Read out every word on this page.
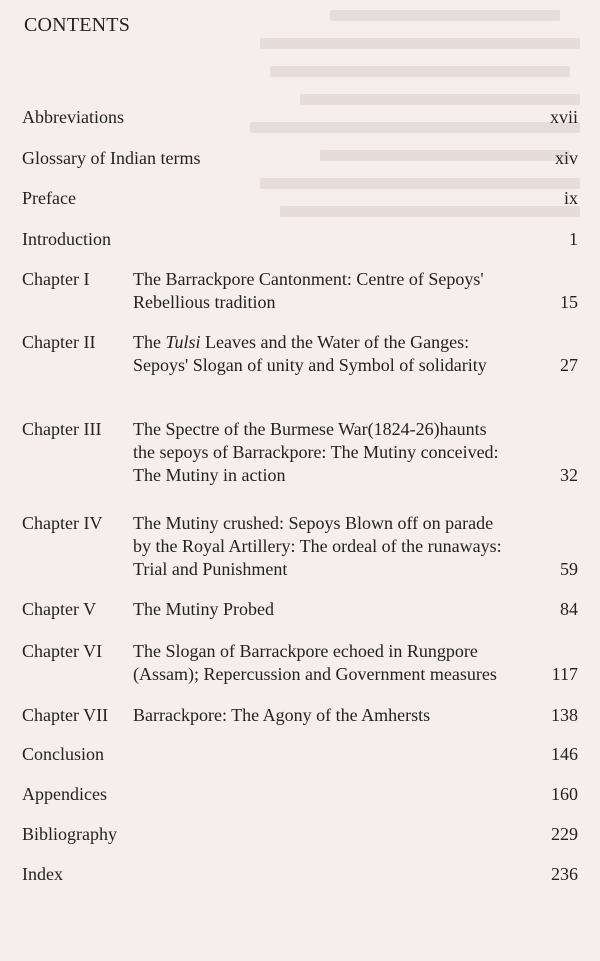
CONTENTS
Abbreviations	xvii
Glossary of Indian terms	xiv
Preface	ix
Introduction	1
Chapter I The Barrackpore Cantonment: Centre of Sepoys'
Rebellious tradition	15
Chapter II The Tulsi Leaves and the Water of the Ganges:
Sepoys' Slogan of unity and Symbol of solidarity	27
Chapter III The Spectre of the Burmese War(1824-26)haunts
the sepoys of Barrackpore: The Mutiny conceived:
The Mutiny in action	32
Chapter IV The Mutiny crushed: Sepoys Blown off on parade
by the Royal Artillery: The ordeal of the runaways:
Trial and Punishment	59
Chapter V The Mutiny Probed	84
Chapter VI The Slogan of Barrackpore echoed in Rungpore
(Assam); Repercussion and Government measures	117
Chapter VII Barrackpore: The Agony of the Amhersts	138
Conclusion	146
Appendices	160
Bibliography	229
Index	236
